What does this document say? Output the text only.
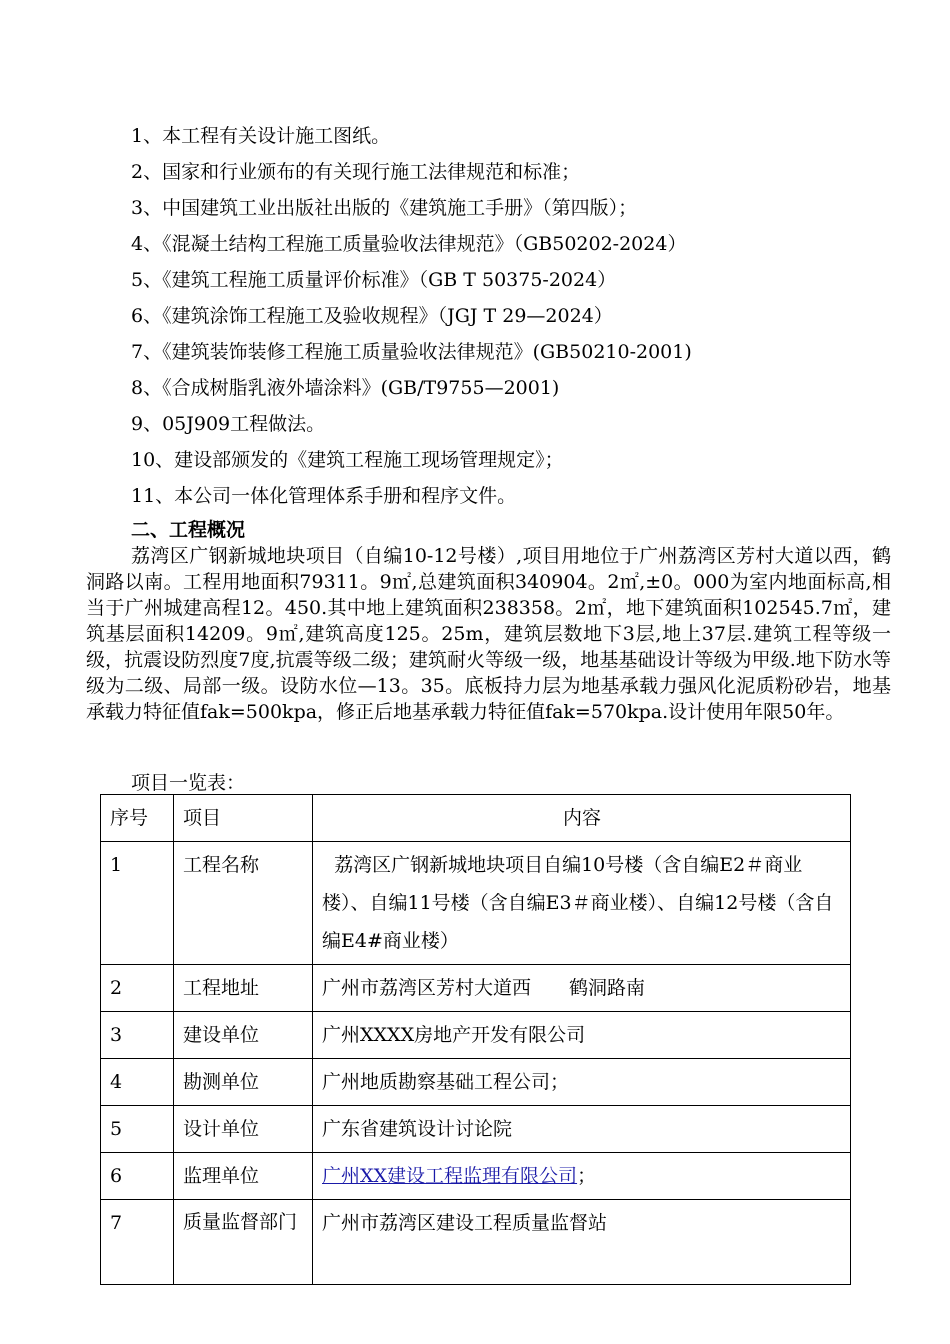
1、本工程有关设计施工图纸。
2、国家和行业颁布的有关现行施工法律规范和标准；
3、中国建筑工业出版社出版的《建筑施工手册》（第四版）；
4、《混凝土结构工程施工质量验收法律规范》（GB50202-2024）
5、《建筑工程施工质量评价标准》（GB T 50375-2024）
6、《建筑涂饰工程施工及验收规程》（JGJ T 29—2024）
7、《建筑装饰装修工程施工质量验收法律规范》(GB50210-2001)
8、《合成树脂乳液外墙涂料》(GB/T9755—2001)
9、05J909工程做法。
10、建设部颁发的《建筑工程施工现场管理规定》；
11、本公司一体化管理体系手册和程序文件。
二、工程概况
荔湾区广钢新城地块项目（自编10-12号楼）,项目用地位于广州荔湾区芳村大道以西，鹤洞路以南。工程用地面积79311。9㎡,总建筑面积340904。2㎡,±0。000为室内地面标高,相当于广州城建高程12。450.其中地上建筑面积238358。2㎡，地下建筑面积102545.7㎡，建筑基层面积14209。9㎡,建筑高度125。25m，建筑层数地下3层,地上37层.建筑工程等级一级，抗震设防烈度7度,抗震等级二级；建筑耐火等级一级，地基基础设计等级为甲级.地下防水等级为二级、局部一级。设防水位—13。35。底板持力层为地基承载力强风化泥质粉砂岩，地基承载力特征值fak=500kpa，修正后地基承载力特征值fak=570kpa.设计使用年限50年。
项目一览表：
序号	项目	内容
1	工程名称	荔湾区广钢新城地块项目自编10号楼（含自编E2＃商业楼）、自编11号楼（含自编E3＃商业楼）、自编12号楼（含自编E4#商业楼）
2	工程地址	广州市荔湾区芳村大道西　　鹤洞路南
3	建设单位	广州XXXX房地产开发有限公司
4	勘测单位	广州地质勘察基础工程公司；
5	设计单位	广东省建筑设计讨论院
6	监理单位	广州XX建设工程监理有限公司；
7	质量监督部门	广州市荔湾区建设工程质量监督站
